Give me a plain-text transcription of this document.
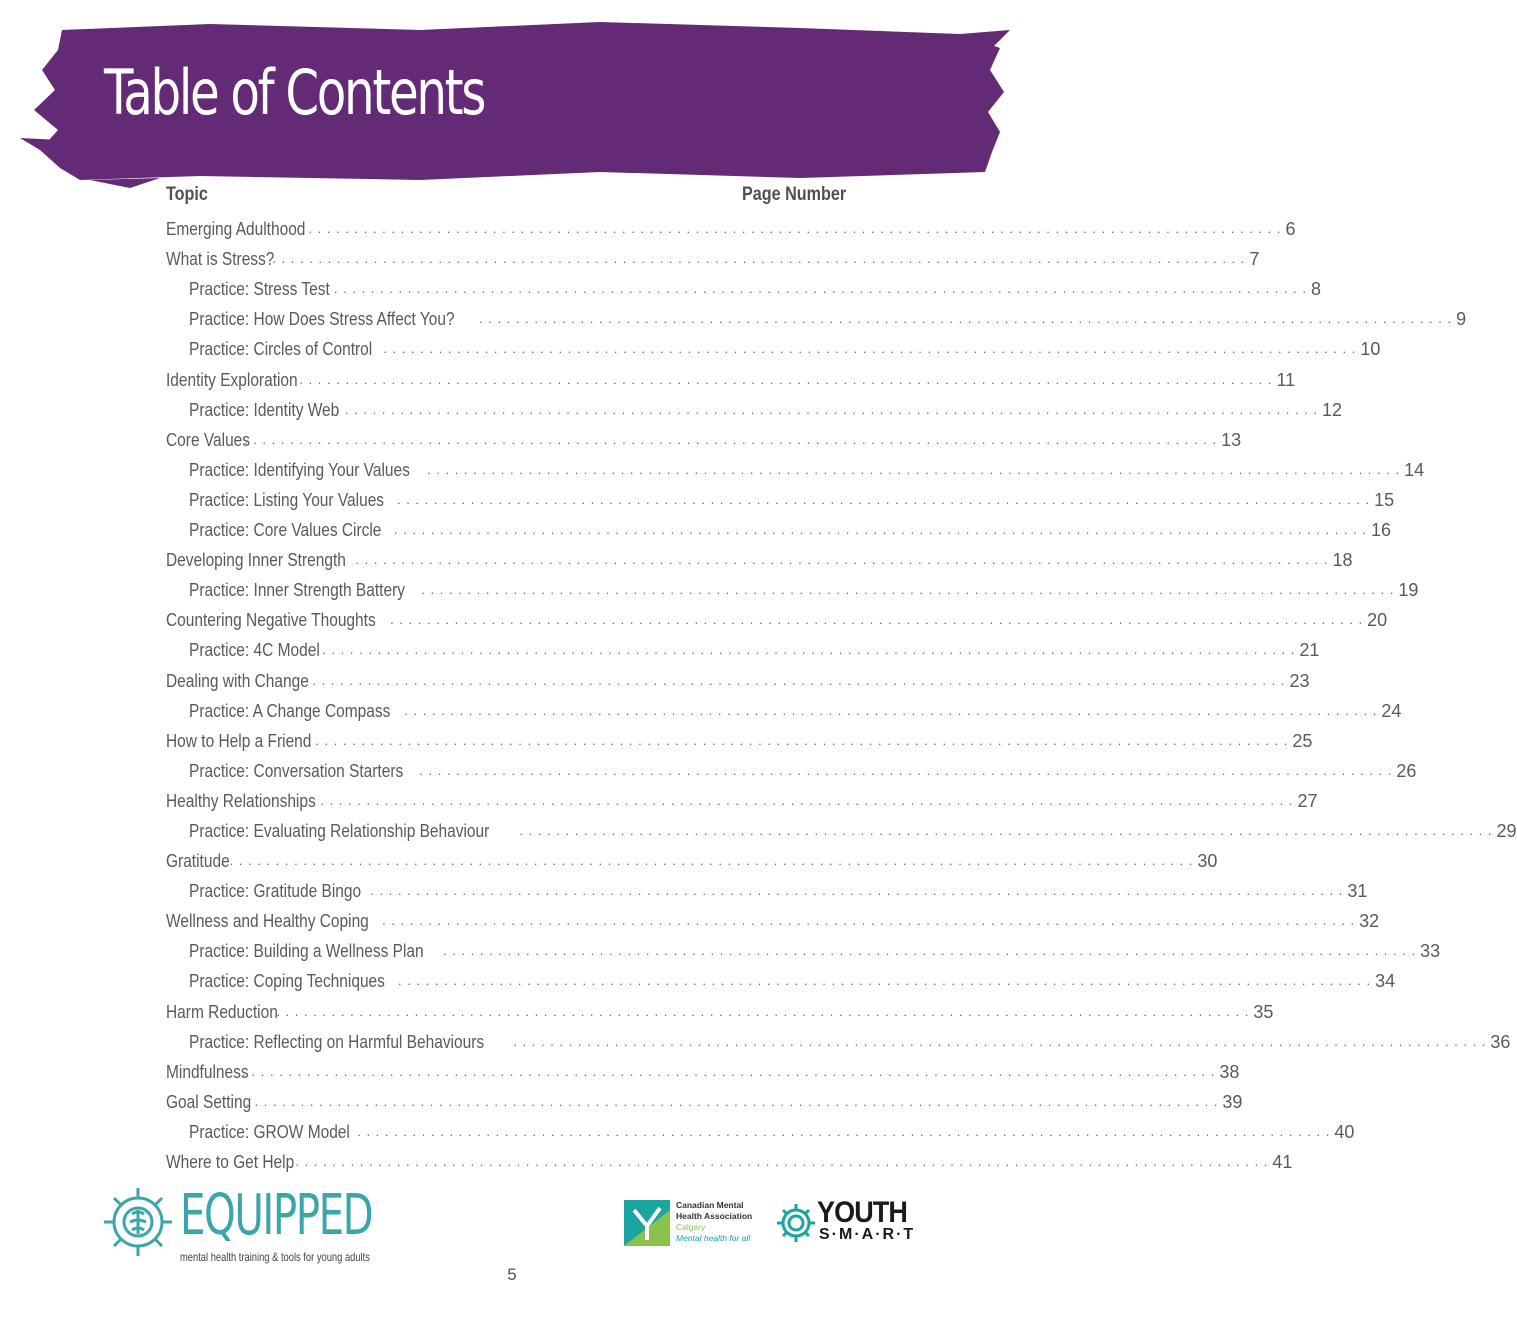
Table of Contents
Topic	Page Number
Emerging Adulthood . . . . . . . . . . . . . . . . . . . . . . . . . . . . . . . . . . . . . . . . . . . . . . . . . . . . . . . . . . . . . . . . . . . . . . . . . . . . . . . . . . . . . . . . . . . . . . . . . . . . . . . . . . 6
What is Stress?
. . . . . . . . . . . . . . . . . . . . . . . . . . . . . . . . . . . . . . . . . . . . . . . . . . . . . . . . . . . . . . . . . . . . . . . . . . . . . . . . . . . . . . . . . . . . . . . . . . . . . . . . . . 7
Practice: Stress Test . . . . . . . . . . . . . . . . . . . . . . . . . . . . . . . . . . . . . . . . . . . . . . . . . . . . . . . . . . . . . . . . . . . . . . . . . . . . . . . . . . . . . . . . . . . . . . . . . . . . . . . . . . 8
Practice: How Does Stress Affect You? . . . . . . . . . . . . . . . . . . . . . . . . . . . . . . . . . . . . . . . . . . . . . . . . . . . . . . . . . . . . . . . . . . . . . . . . . . . . . . . . . . . . . . . . . . . . . . . . . . . . . . . . . . 9
Practice: Circles of Control . . . . . . . . . . . . . . . . . . . . . . . . . . . . . . . . . . . . . . . . . . . . . . . . . . . . . . . . . . . . . . . . . . . . . . . . . . . . . . . . . . . . . . . . . . . . . . . . . . . . . . . . . . 10
Identity Exploration . . . . . . . . . . . . . . . . . . . . . . . . . . . . . . . . . . . . . . . . . . . . . . . . . . . . . . . . . . . . . . . . . . . . . . . . . . . . . . . . . . . . . . . . . . . . . . . . . . . . . . . . . . 11
Practice: Identity Web . . . . . . . . . . . . . . . . . . . . . . . . . . . . . . . . . . . . . . . . . . . . . . . . . . . . . . . . . . . . . . . . . . . . . . . . . . . . . . . . . . . . . . . . . . . . . . . . . . . . . . . . . . 12
Core Values
. . . . . . . . . . . . . . . . . . . . . . . . . . . . . . . . . . . . . . . . . . . . . . . . . . . . . . . . . . . . . . . . . . . . . . . . . . . . . . . . . . . . . . . . . . . . . . . . . . . . . . . . . . 13
Practice: Identifying Your Values . . . . . . . . . . . . . . . . . . . . . . . . . . . . . . . . . . . . . . . . . . . . . . . . . . . . . . . . . . . . . . . . . . . . . . . . . . . . . . . . . . . . . . . . . . . . . . . . . . . . . . . . . . 14
Practice: Listing Your Values . . . . . . . . . . . . . . . . . . . . . . . . . . . . . . . . . . . . . . . . . . . . . . . . . . . . . . . . . . . . . . . . . . . . . . . . . . . . . . . . . . . . . . . . . . . . . . . . . . . . . . . . . . 15
Practice: Core Values Circle . . . . . . . . . . . . . . . . . . . . . . . . . . . . . . . . . . . . . . . . . . . . . . . . . . . . . . . . . . . . . . . . . . . . . . . . . . . . . . . . . . . . . . . . . . . . . . . . . . . . . . . . . . 16
Developing Inner Strength . . . . . . . . . . . . . . . . . . . . . . . . . . . . . . . . . . . . . . . . . . . . . . . . . . . . . . . . . . . . . . . . . . . . . . . . . . . . . . . . . . . . . . . . . . . . . . . . . . . . . . . . . . 18
Practice: Inner Strength Battery . . . . . . . . . . . . . . . . . . . . . . . . . . . . . . . . . . . . . . . . . . . . . . . . . . . . . . . . . . . . . . . . . . . . . . . . . . . . . . . . . . . . . . . . . . . . . . . . . . . . . . . . . . 19
Countering Negative Thoughts . . . . . . . . . . . . . . . . . . . . . . . . . . . . . . . . . . . . . . . . . . . . . . . . . . . . . . . . . . . . . . . . . . . . . . . . . . . . . . . . . . . . . . . . . . . . . . . . . . . . . . . . . . 20
Practice: 4C Model . . . . . . . . . . . . . . . . . . . . . . . . . . . . . . . . . . . . . . . . . . . . . . . . . . . . . . . . . . . . . . . . . . . . . . . . . . . . . . . . . . . . . . . . . . . . . . . . . . . . . . . . . . 21
Dealing with Change . . . . . . . . . . . . . . . . . . . . . . . . . . . . . . . . . . . . . . . . . . . . . . . . . . . . . . . . . . . . . . . . . . . . . . . . . . . . . . . . . . . . . . . . . . . . . . . . . . . . . . . . . . 23
Practice: A Change Compass . . . . . . . . . . . . . . . . . . . . . . . . . . . . . . . . . . . . . . . . . . . . . . . . . . . . . . . . . . . . . . . . . . . . . . . . . . . . . . . . . . . . . . . . . . . . . . . . . . . . . . . . . . 24
How to Help a Friend . . . . . . . . . . . . . . . . . . . . . . . . . . . . . . . . . . . . . . . . . . . . . . . . . . . . . . . . . . . . . . . . . . . . . . . . . . . . . . . . . . . . . . . . . . . . . . . . . . . . . . . . . . 25
Practice: Conversation Starters . . . . . . . . . . . . . . . . . . . . . . . . . . . . . . . . . . . . . . . . . . . . . . . . . . . . . . . . . . . . . . . . . . . . . . . . . . . . . . . . . . . . . . . . . . . . . . . . . . . . . . . . . . 26
Healthy Relationships . . . . . . . . . . . . . . . . . . . . . . . . . . . . . . . . . . . . . . . . . . . . . . . . . . . . . . . . . . . . . . . . . . . . . . . . . . . . . . . . . . . . . . . . . . . . . . . . . . . . . . . . . . 27
Practice: Evaluating Relationship Behaviour . . . . . . . . . . . . . . . . . . . . . . . . . . . . . . . . . . . . . . . . . . . . . . . . . . . . . . . . . . . . . . . . . . . . . . . . . . . . . . . . . . . . . . . . . . . . . . . . . . . . . . . . . . 29
Gratitude
. . . . . . . . . . . . . . . . . . . . . . . . . . . . . . . . . . . . . . . . . . . . . . . . . . . . . . . . . . . . . . . . . . . . . . . . . . . . . . . . . . . . . . . . . . . . . . . . . . . . . . . . . . 30
Practice: Gratitude Bingo . . . . . . . . . . . . . . . . . . . . . . . . . . . . . . . . . . . . . . . . . . . . . . . . . . . . . . . . . . . . . . . . . . . . . . . . . . . . . . . . . . . . . . . . . . . . . . . . . . . . . . . . . . 31
Wellness and Healthy Coping . . . . . . . . . . . . . . . . . . . . . . . . . . . . . . . . . . . . . . . . . . . . . . . . . . . . . . . . . . . . . . . . . . . . . . . . . . . . . . . . . . . . . . . . . . . . . . . . . . . . . . . . . . 32
Practice: Building a Wellness Plan . . . . . . . . . . . . . . . . . . . . . . . . . . . . . . . . . . . . . . . . . . . . . . . . . . . . . . . . . . . . . . . . . . . . . . . . . . . . . . . . . . . . . . . . . . . . . . . . . . . . . . . . . . 33
Practice: Coping Techniques . . . . . . . . . . . . . . . . . . . . . . . . . . . . . . . . . . . . . . . . . . . . . . . . . . . . . . . . . . . . . . . . . . . . . . . . . . . . . . . . . . . . . . . . . . . . . . . . . . . . . . . . . . 34
Harm Reduction
. . . . . . . . . . . . . . . . . . . . . . . . . . . . . . . . . . . . . . . . . . . . . . . . . . . . . . . . . . . . . . . . . . . . . . . . . . . . . . . . . . . . . . . . . . . . . . . . . . . . . . . . . . 35
Practice: Reflecting on Harmful Behaviours . . . . . . . . . . . . . . . . . . . . . . . . . . . . . . . . . . . . . . . . . . . . . . . . . . . . . . . . . . . . . . . . . . . . . . . . . . . . . . . . . . . . . . . . . . . . . . . . . . . . . . . . . . 36
Mindfulness
. . . . . . . . . . . . . . . . . . . . . . . . . . . . . . . . . . . . . . . . . . . . . . . . . . . . . . . . . . . . . . . . . . . . . . . . . . . . . . . . . . . . . . . . . . . . . . . . . . . . . . . . . . 38
Goal Setting
. . . . . . . . . . . . . . . . . . . . . . . . . . . . . . . . . . . . . . . . . . . . . . . . . . . . . . . . . . . . . . . . . . . . . . . . . . . . . . . . . . . . . . . . . . . . . . . . . . . . . . . . . . 39
Practice: GROW Model . . . . . . . . . . . . . . . . . . . . . . . . . . . . . . . . . . . . . . . . . . . . . . . . . . . . . . . . . . . . . . . . . . . . . . . . . . . . . . . . . . . . . . . . . . . . . . . . . . . . . . . . . . 40
Where to Get Help . . . . . . . . . . . . . . . . . . . . . . . . . . . . . . . . . . . . . . . . . . . . . . . . . . . . . . . . . . . . . . . . . . . . . . . . . . . . . . . . . . . . . . . . . . . . . . . . . . . . . . . . . . 41
EQUIPPED
mental health training & tools for young adults
Canadian Mental
Health Association
Calgary
Mental health for all
YOUTH
S·M·A·R·T
5
